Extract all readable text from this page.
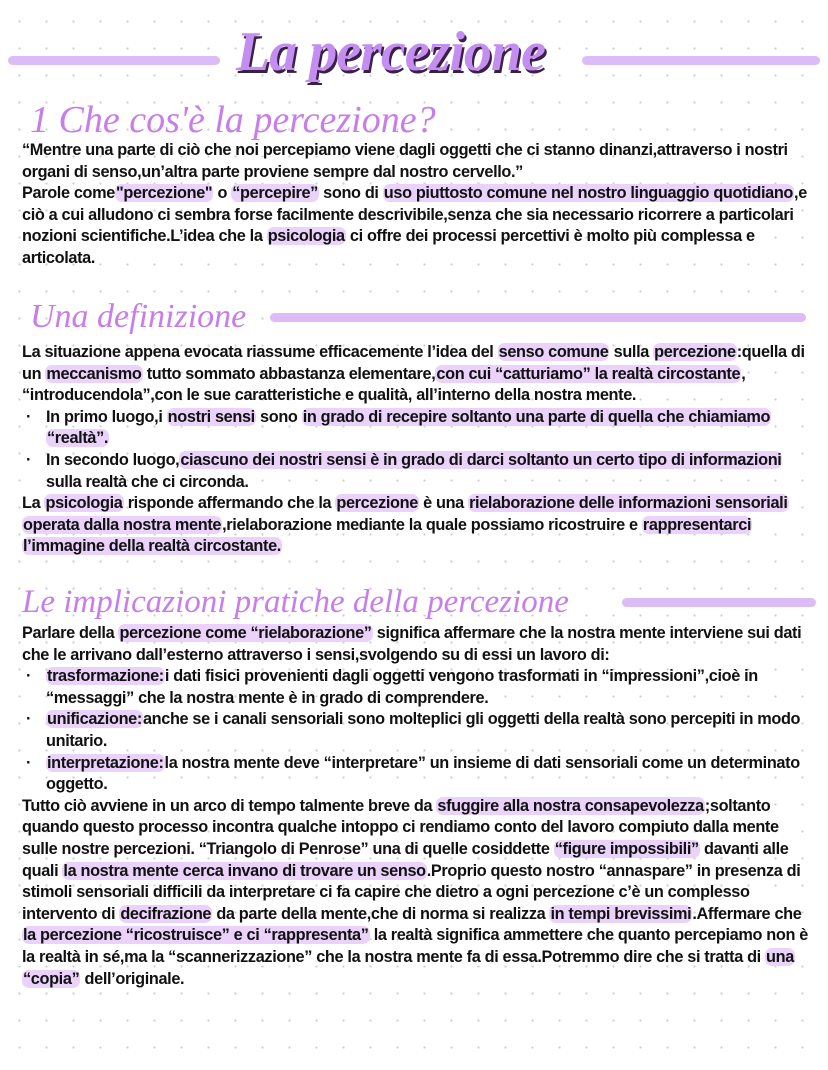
La percezione
1 Che cos'è la percezione?

“Mentre una parte di ciò che noi percepiamo viene dagli oggetti che ci stanno dinanzi,attraverso i nostri organi di senso,un’altra parte proviene sempre dal nostro cervello.”

Parole come"percezione" o “percepire” sono di uso piuttosto comune nel nostro linguaggio quotidiano,e ciò a cui alludono ci sembra forse facilmente descrivibile,senza che sia necessario ricorrere a particolari nozioni scientifiche.L’idea che la psicologia ci offre dei processi percettivi è molto più complessa e articolata.

Una definizione

La situazione appena evocata riassume efficacemente l’idea del senso comune sulla percezione:quella di un meccanismo tutto sommato abbastanza elementare,con cui “catturiamo” la realtà circostante, “introducendola”,con le sue caratteristiche e qualità, all’interno della nostra mente.

· In primo luogo,i nostri sensi sono in grado di recepire soltanto una parte di quella che chiamiamo “realtà”.

· In secondo luogo,ciascuno dei nostri sensi è in grado di darci soltanto un certo tipo di informazioni sulla realtà che ci circonda.

La psicologia risponde affermando che la percezione è una rielaborazione delle informazioni sensoriali operata dalla nostra mente,rielaborazione mediante la quale possiamo ricostruire e rappresentarci l’immagine della realtà circostante.

Le implicazioni pratiche della percezione

Parlare della percezione come “rielaborazione” significa affermare che la nostra mente interviene sui dati che le arrivano dall’esterno attraverso i sensi,svolgendo su di essi un lavoro di:

· trasformazione:i dati fisici provenienti dagli oggetti vengono trasformati in “impressioni”,cioè in “messaggi” che la nostra mente è in grado di comprendere.

· unificazione:anche se i canali sensoriali sono molteplici gli oggetti della realtà sono percepiti in modo unitario.

· interpretazione:la nostra mente deve “interpretare” un insieme di dati sensoriali come un determinato oggetto.

Tutto ciò avviene in un arco di tempo talmente breve da sfuggire alla nostra consapevolezza;soltanto quando questo processo incontra qualche intoppo ci rendiamo conto del lavoro compiuto dalla mente sulle nostre percezioni. “Triangolo di Penrose” una di quelle cosiddette “figure impossibili” davanti alle quali la nostra mente cerca invano di trovare un senso.Proprio questo nostro “annaspare” in presenza di stimoli sensoriali difficili da interpretare ci fa capire che dietro a ogni percezione c’è un complesso intervento di decifrazione da parte della mente,che di norma si realizza in tempi brevissimi.Affermare che la percezione “ricostruisce” e ci “rappresenta” la realtà significa ammettere che quanto percepiamo non è la realtà in sé,ma la “scannerizzazione” che la nostra mente fa di essa.Potremmo dire che si tratta di una “copia” dell’originale.
